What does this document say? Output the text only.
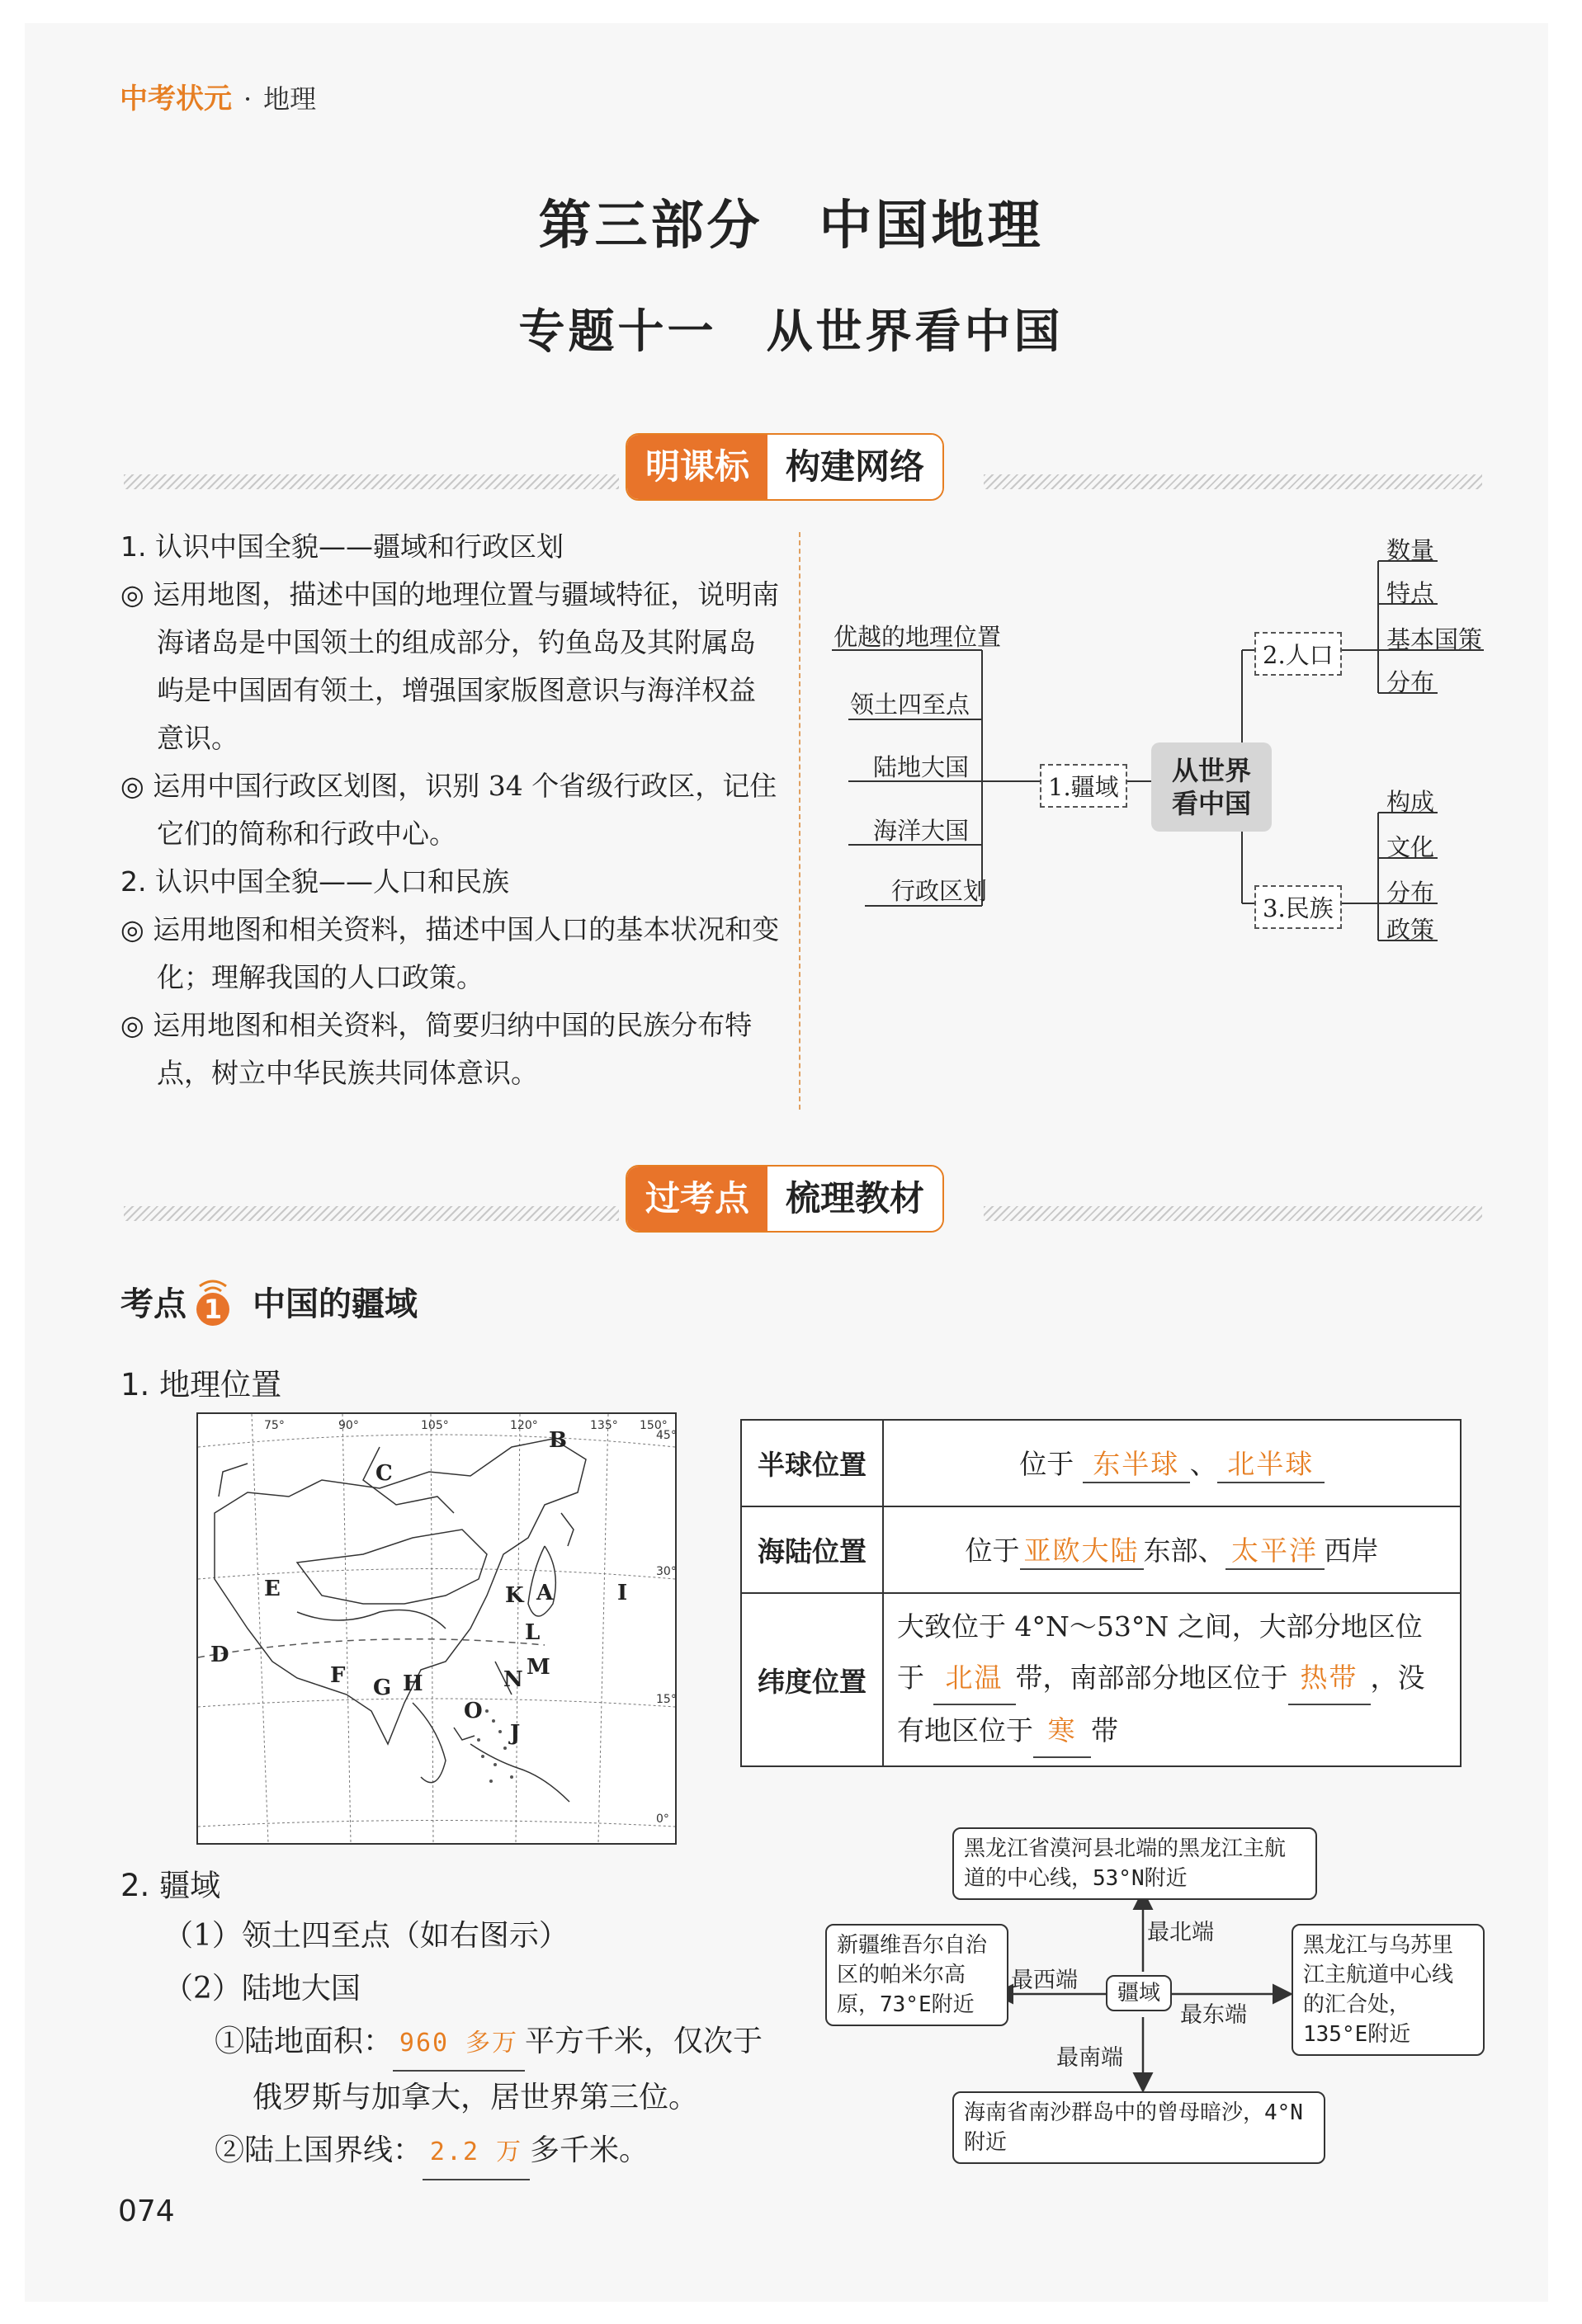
中考状元 · 地理
第三部分　中国地理
专题十一　从世界看中国
明课标	构建网络
1. 认识中国全貌——疆域和行政区划
◎ 运用地图，描述中国的地理位置与疆域特征，说明南海诸岛是中国领土的组成部分，钓鱼岛及其附属岛屿是中国固有领土，增强国家版图意识与海洋权益意识。
◎ 运用中国行政区划图，识别 34 个省级行政区，记住它们的简称和行政中心。
2. 认识中国全貌——人口和民族
◎ 运用地图和相关资料，描述中国人口的基本状况和变化；理解我国的人口政策。
◎ 运用地图和相关资料，简要归纳中国的民族分布特点，树立中华民族共同体意识。
优越的地理位置
领土四至点
陆地大国
海洋大国
行政区划
1.疆域
从世界看中国
2.人口
3.民族
数量
特点
基本国策
分布
构成
文化
分布
政策
过考点	梳理教材
考点 1 中国的疆域
1. 地理位置
75°	90°	105°	120°	135° 150°
45°
30°
15°
0°
A
B
C
D
E
F G H
I
J
K
L
M
N
O
半球位置	位于 东半球 、 北半球
海陆位置	位于 亚欧大陆 东部、 太平洋 西岸
纬度位置	大致位于 4°N～53°N 之间，大部分地区位于 北温 带，南部部分地区位于 热带 ，没有地区位于 寒 带
2. 疆域
（1）领土四至点（如右图示）
（2）陆地大国
①陆地面积： 960 多万 平方千米，仅次于
俄罗斯与加拿大，居世界第三位。
②陆上国界线： 2.2 万 多千米。
黑龙江省漠河县北端的黑龙江主航道的中心线，53°N附近
新疆维吾尔自治区的帕米尔高原，73°E附近
黑龙江与乌苏里江主航道中心线的汇合处，135°E附近
海南省南沙群岛中的曾母暗沙，4°N附近
疆域
最北端
最西端
最东端
最南端
074
